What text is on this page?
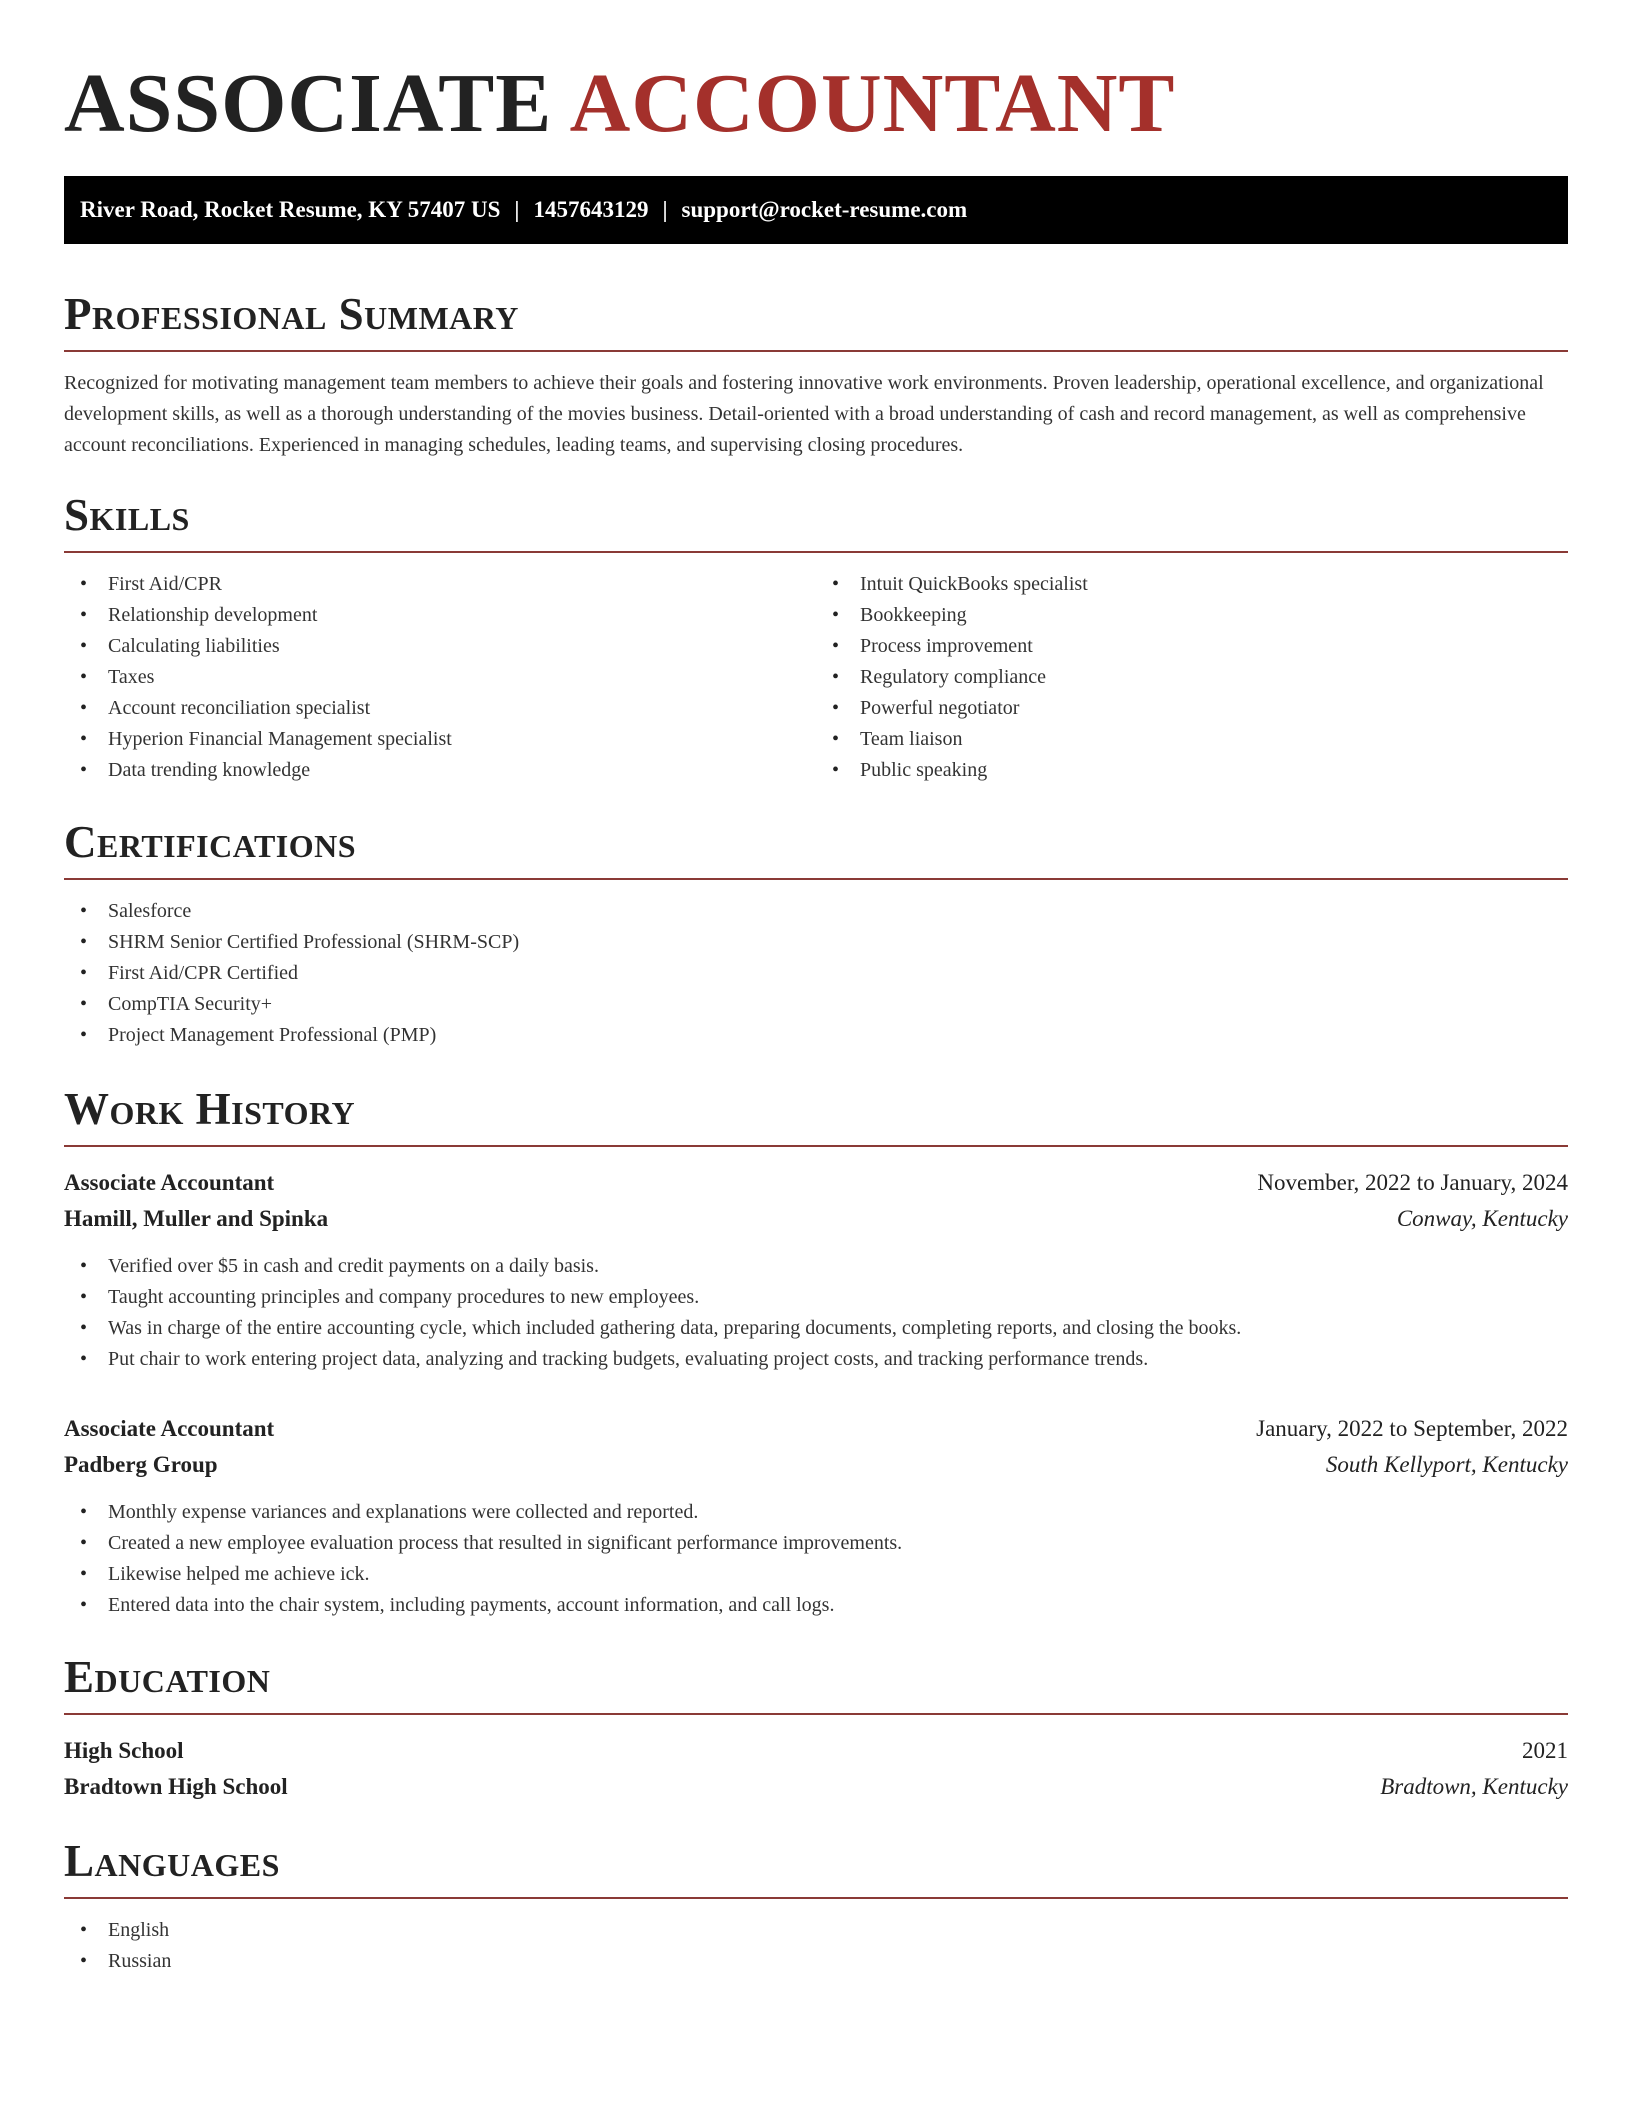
ASSOCIATE ACCOUNTANT
River Road, Rocket Resume, KY 57407 US | 1457643129 | support@rocket-resume.com
Professional Summary

Recognized for motivating management team members to achieve their goals and fostering innovative work environments. Proven leadership, operational excellence, and organizational development skills, as well as a thorough understanding of the movies business. Detail-oriented with a broad understanding of cash and record management, as well as comprehensive account reconciliations. Experienced in managing schedules, leading teams, and supervising closing procedures.

Skills
• First Aid/CPR
• Relationship development
• Calculating liabilities
• Taxes
• Account reconciliation specialist
• Hyperion Financial Management specialist
• Data trending knowledge
• Intuit QuickBooks specialist
• Bookkeeping
• Process improvement
• Regulatory compliance
• Powerful negotiator
• Team liaison
• Public speaking
Certifications
• Salesforce
• SHRM Senior Certified Professional (SHRM-SCP)
• First Aid/CPR Certified
• CompTIA Security+
• Project Management Professional (PMP)
Work History
Associate Accountant	November, 2022 to January, 2024
Hamill, Muller and Spinka	Conway, Kentucky
• Verified over $5 in cash and credit payments on a daily basis.
• Taught accounting principles and company procedures to new employees.
• Was in charge of the entire accounting cycle, which included gathering data, preparing documents, completing reports, and closing the books.
• Put chair to work entering project data, analyzing and tracking budgets, evaluating project costs, and tracking performance trends.
Associate Accountant	January, 2022 to September, 2022
Padberg Group	South Kellyport, Kentucky
• Monthly expense variances and explanations were collected and reported.
• Created a new employee evaluation process that resulted in significant performance improvements.
• Likewise helped me achieve ick.
• Entered data into the chair system, including payments, account information, and call logs.
Education
High School	2021
Bradtown High School	Bradtown, Kentucky
Languages
• English
• Russian
